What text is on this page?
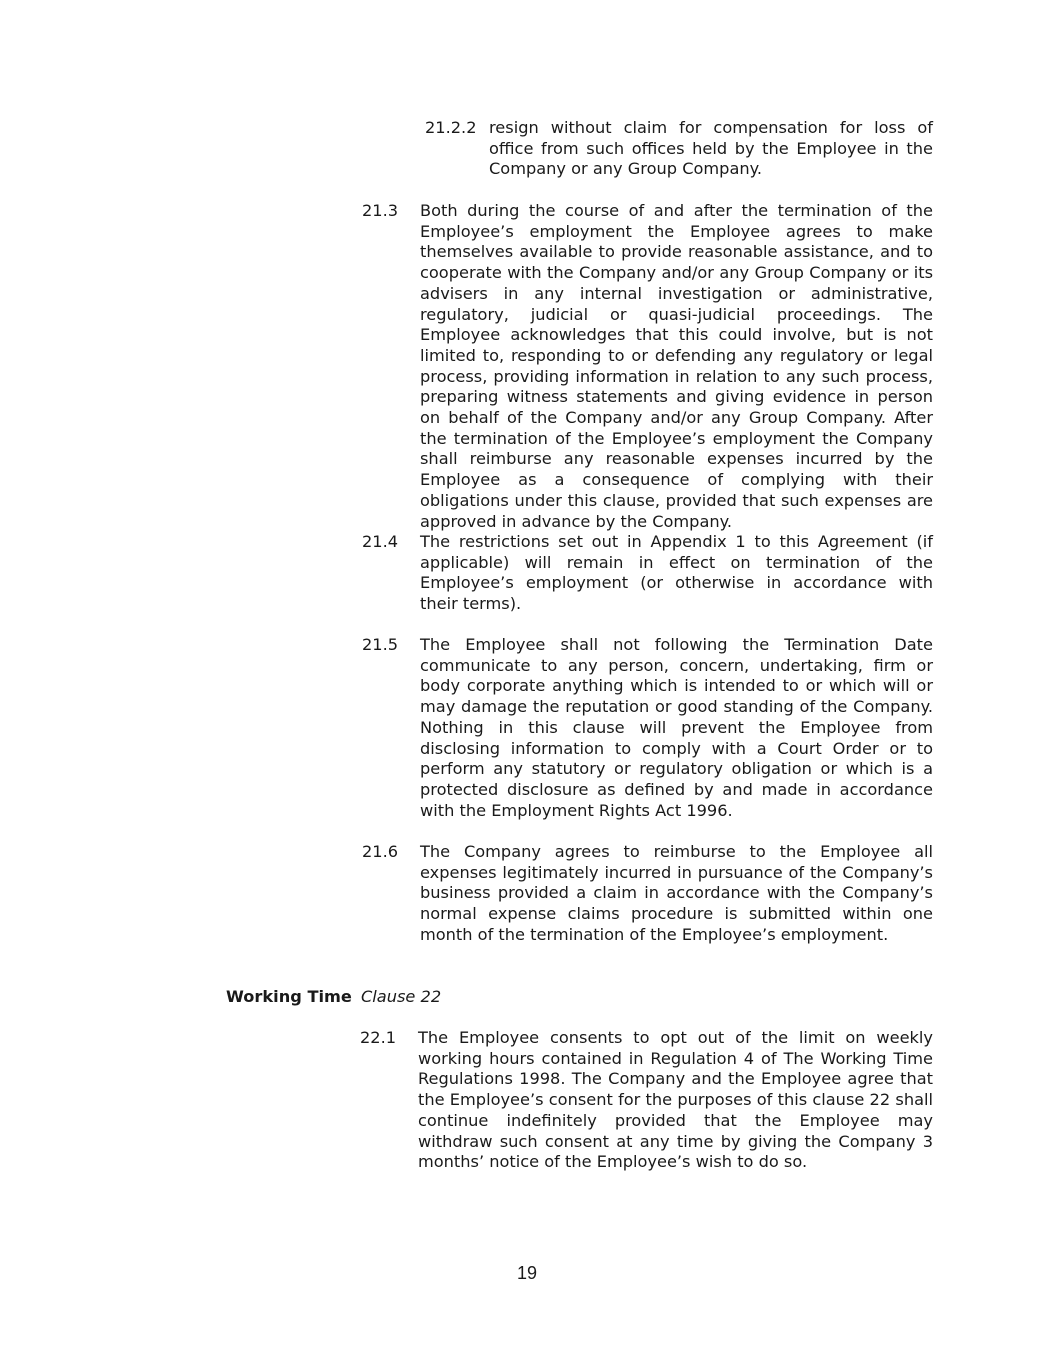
21.2.2 resign without claim for compensation for loss of office from such offices held by the Employee in the Company or any Group Company.
21.3 Both during the course of and after the termination of the Employee’s employment the Employee agrees to make themselves available to provide reasonable assistance, and to cooperate with the Company and/or any Group Company or its advisers in any internal investigation or administrative, regulatory, judicial or quasi-judicial proceedings. The Employee acknowledges that this could involve, but is not limited to, responding to or defending any regulatory or legal process, providing information in relation to any such process, preparing witness statements and giving evidence in person on behalf of the Company and/or any Group Company. After the termination of the Employee’s employment the Company shall reimburse any reasonable expenses incurred by the Employee as a consequence of complying with their obligations under this clause, provided that such expenses are approved in advance by the Company.
21.4 The restrictions set out in Appendix 1 to this Agreement (if applicable) will remain in effect on termination of the Employee’s employment (or otherwise in accordance with their terms).
21.5 The Employee shall not following the Termination Date communicate to any person, concern, undertaking, firm or body corporate anything which is intended to or which will or may damage the reputation or good standing of the Company. Nothing in this clause will prevent the Employee from disclosing information to comply with a Court Order or to perform any statutory or regulatory obligation or which is a protected disclosure as defined by and made in accordance with the Employment Rights Act 1996.
21.6 The Company agrees to reimburse to the Employee all expenses legitimately incurred in pursuance of the Company’s business provided a claim in accordance with the Company’s normal expense claims procedure is submitted within one month of the termination of the Employee’s employment.
Working Time Clause 22
22.1 The Employee consents to opt out of the limit on weekly working hours contained in Regulation 4 of The Working Time Regulations 1998. The Company and the Employee agree that the Employee’s consent for the purposes of this clause 22 shall continue indefinitely provided that the Employee may withdraw such consent at any time by giving the Company 3 months’ notice of the Employee’s wish to do so.
19
